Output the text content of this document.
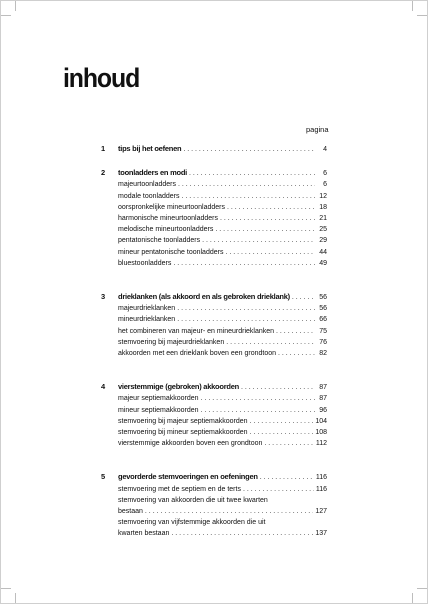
inhoud
pagina
1	tips bij het oefenen . . .	4
2	toonladders en modi . . .	6
majeurtoonladders . . .	6
modale toonladders . . .	12
oorspronkelijke mineurtoonladders . . .	18
harmonische mineurtoonladders . . .	21
melodische mineurtoonladders . . .	25
pentatonische toonladders . . .	29
mineur pentatonische toonladders . . .	44
bluestoonladders . . .	49
3	drieklanken (als akkoord en als gebroken drieklank) . . .	56
majeurdrieklanken . . .	56
mineurdrieklanken . . .	66
het combineren van majeur- en mineurdrieklanken . . .	75
stemvoering bij majeurdrieklanken . . .	76
akkoorden met een drieklank boven een grondtoon . . .	82
4	vierstemmige (gebroken) akkoorden . . .	87
majeur septiemakkoorden . . .	87
mineur septiemakkoorden . . .	96
stemvoering bij majeur septiemakkoorden . . .	104
stemvoering bij mineur septiemakkoorden . . .	108
vierstemmige akkoorden boven een grondtoon . . .	112
5	gevorderde stemvoeringen en oefeningen . . .	116
stemvoering met de septiem en de terts . . .	116
stemvoering van akkoorden die uit twee kwarten
bestaan . . .	127
stemvoering van vijfstemmige akkoorden die uit
kwarten bestaan . . .	137
